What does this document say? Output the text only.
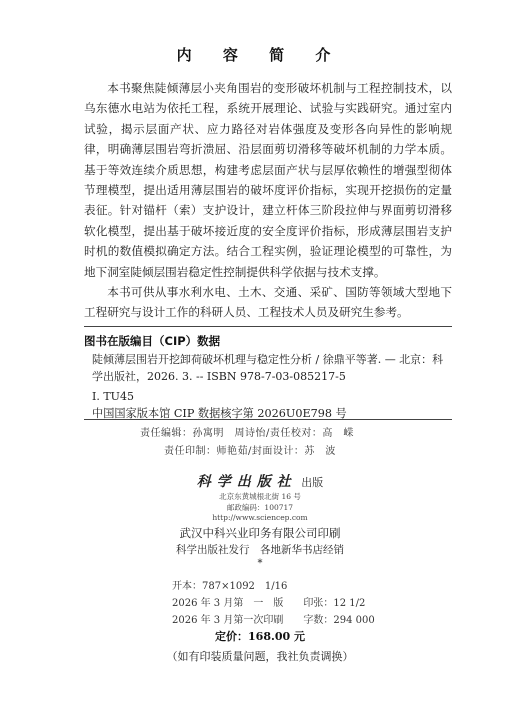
内 容 简 介

本书聚焦陡倾薄层小夹角围岩的变形破坏机制与工程控制技术，以乌东德水电站为依托工程，系统开展理论、试验与实践研究。通过室内试验，揭示层面产状、应力路径对岩体强度及变形各向异性的影响规律，明确薄层围岩弯折溃屈、沿层面剪切滑移等破坏机制的力学本质。基于等效连续介质思想，构建考虑层面产状与层厚依赖性的增强型彻体节理模型，提出适用薄层围岩的破坏度评价指标，实现开挖损伤的定量表征。针对锚杆（索）支护设计，建立杆体三阶段拉伸与界面剪切滑移软化模型，提出基于破坏接近度的安全度评价指标，形成薄层围岩支护时机的数值模拟确定方法。结合工程实例，验证理论模型的可靠性，为地下洞室陡倾层围岩稳定性控制提供科学依据与技术支撑。

本书可供从事水利水电、土木、交通、采矿、国防等领域大型地下工程研究与设计工作的科研人员、工程技术人员及研究生参考。

图书在版编目（CIP）数据
陡倾薄层围岩开挖卸荷破坏机理与稳定性分析 / 徐鼎平等著. — 北京：科学出版社，2026. 3. -- ISBN 978-7-03-085217-5
I. TU45
中国国家版本馆 CIP 数据核字第 2026U0E798 号
责任编辑：孙寓明　周诗怡/责任校对：高　嵘
责任印制：师艳茹/封面设计：苏　波
科学出版社 出版
北京东黄城根北街 16 号
邮政编码：100717
http://www.sciencep.com
武汉中科兴业印务有限公司印刷
科学出版社发行　各地新华书店经销
*
开本：787×1092　1/16
2026 年 3 月第　一　版　　印张：12 1/2
2026 年 3 月第一次印刷　　字数：294 000
定价：168.00 元
（如有印装质量问题，我社负责调换）
